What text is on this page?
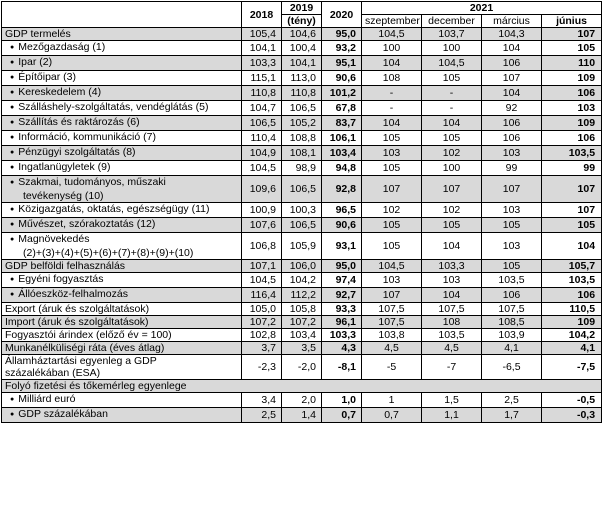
	2018	2019	2020	2021			
		(tény)		szeptember	december	március	június
GDP termelés	105,4	104,6	95,0	104,5	103,7	104,3	107
● Mezőgazdaság (1)	104,1	100,4	93,2	100	100	104	105
● Ipar (2)	103,3	104,1	95,1	104	104,5	106	110
● Építőipar (3)	115,1	113,0	90,6	108	105	107	109
● Kereskedelem (4)	110,8	110,8	101,2	-	-	104	106
● Szálláshely-szolgáltatás, vendéglátás (5)	104,7	106,5	67,8	-	-	92	103
● Szállítás és raktározás (6)	106,5	105,2	83,7	104	104	106	109
● Információ, kommunikáció (7)	110,4	108,8	106,1	105	105	106	106
● Pénzügyi szolgáltatás (8)	104,9	108,1	103,4	103	102	103	103,5
● Ingatlanügyletek (9)	104,5	98,9	94,8	105	100	99	99

● Szakmai, tudományos, műszaki
tevékenység (10)	109,6	106,5	92,8	107	107	107	107
● Közigazgatás, oktatás, egészségügy (11)	100,9	100,3	96,5	102	102	103	107
● Művészet, szórakoztatás (12)	107,6	106,5	90,6	105	105	105	105

● Magnövekedés
(2)+(3)+(4)+(5)+(6)+(7)+(8)+(9)+(10)	106,8	105,9	93,1	105	104	103	104
GDP belföldi felhasználás	107,1	106,0	95,0	104,5	103,3	105	105,7
● Egyéni fogyasztás	104,5	104,2	97,4	103	103	103,5	103,5
● Állóeszköz-felhalmozás	116,4	112,2	92,7	107	104	106	106
Export (áruk és szolgáltatások)	105,0	105,8	93,3	107,5	107,5	107,5	110,5
Import (áruk és szolgáltatások)	107,2	107,2	96,1	107,5	108	108,5	109
Fogyasztói árindex (előző év = 100)	102,8	103,4	103,3	103,8	103,5	103,9	104,2
Munkanélküliségi ráta (éves átlag)	3,7	3,5	4,3	4,5	4,5	4,1	4,1

Államháztartási egyenleg a GDP
százalékában (ESA)	-2,3	-2,0	-8,1	-5	-7	-6,5	-7,5
Folyó fizetési és tőkemérleg egyenlege							
● Milliárd euró	3,4	2,0	1,0	1	1,5	2,5	-0,5
● GDP százalékában	2,5	1,4	0,7	0,7	1,1	1,7	-0,3
